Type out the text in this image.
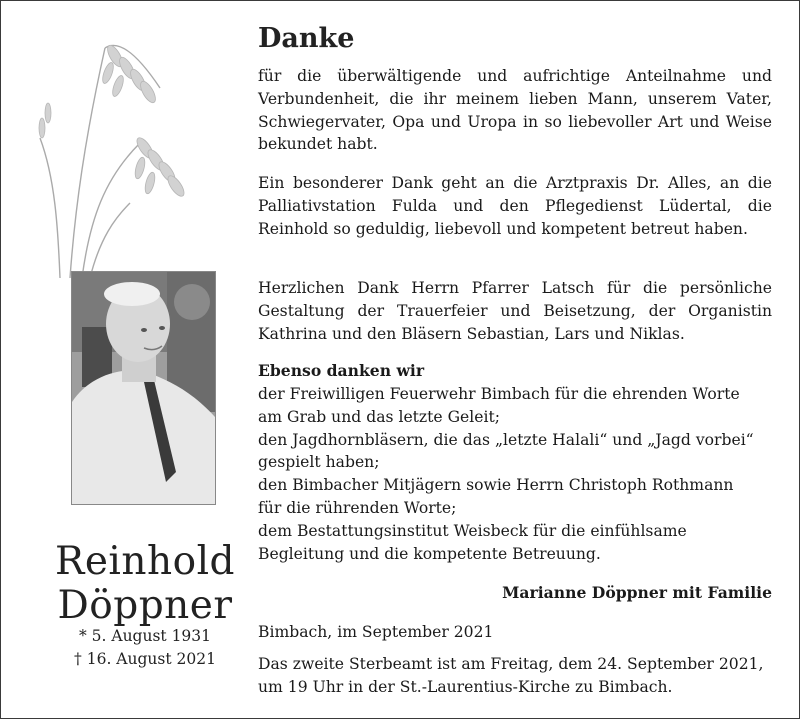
Reinhold
Döppner
* 5. August 1931
† 16. August 2021
Danke

für die überwältigende und aufrichtige Anteilnahme und Verbundenheit, die ihr meinem lieben Mann, unserem Vater, Schwiegervater, Opa und Uropa in so liebevoller Art und Weise bekundet habt.

Ein besonderer Dank geht an die Arztpraxis Dr. Alles, an die Palliativstation Fulda und den Pflegedienst Lüdertal, die Reinhold so geduldig, liebevoll und kompetent betreut haben.

Herzlichen Dank Herrn Pfarrer Latsch für die persönliche Gestaltung der Trauerfeier und Beisetzung, der Organistin Kathrina und den Bläsern Sebastian, Lars und Niklas.

Ebenso danken wir
der Freiwilligen Feuerwehr Bimbach für die ehrenden Worte
am Grab und das letzte Geleit;
den Jagdhornbläsern, die das „letzte Halali“ und „Jagd vorbei“
gespielt haben;
den Bimbacher Mitjägern sowie Herrn Christoph Rothmann
für die rührenden Worte;
dem Bestattungsinstitut Weisbeck für die einfühlsame
Begleitung und die kompetente Betreuung.
Marianne Döppner mit Familie
Bimbach, im September 2021
Das zweite Sterbeamt ist am Freitag, dem 24. September 2021,
um 19 Uhr in der St.-Laurentius-Kirche zu Bimbach.
